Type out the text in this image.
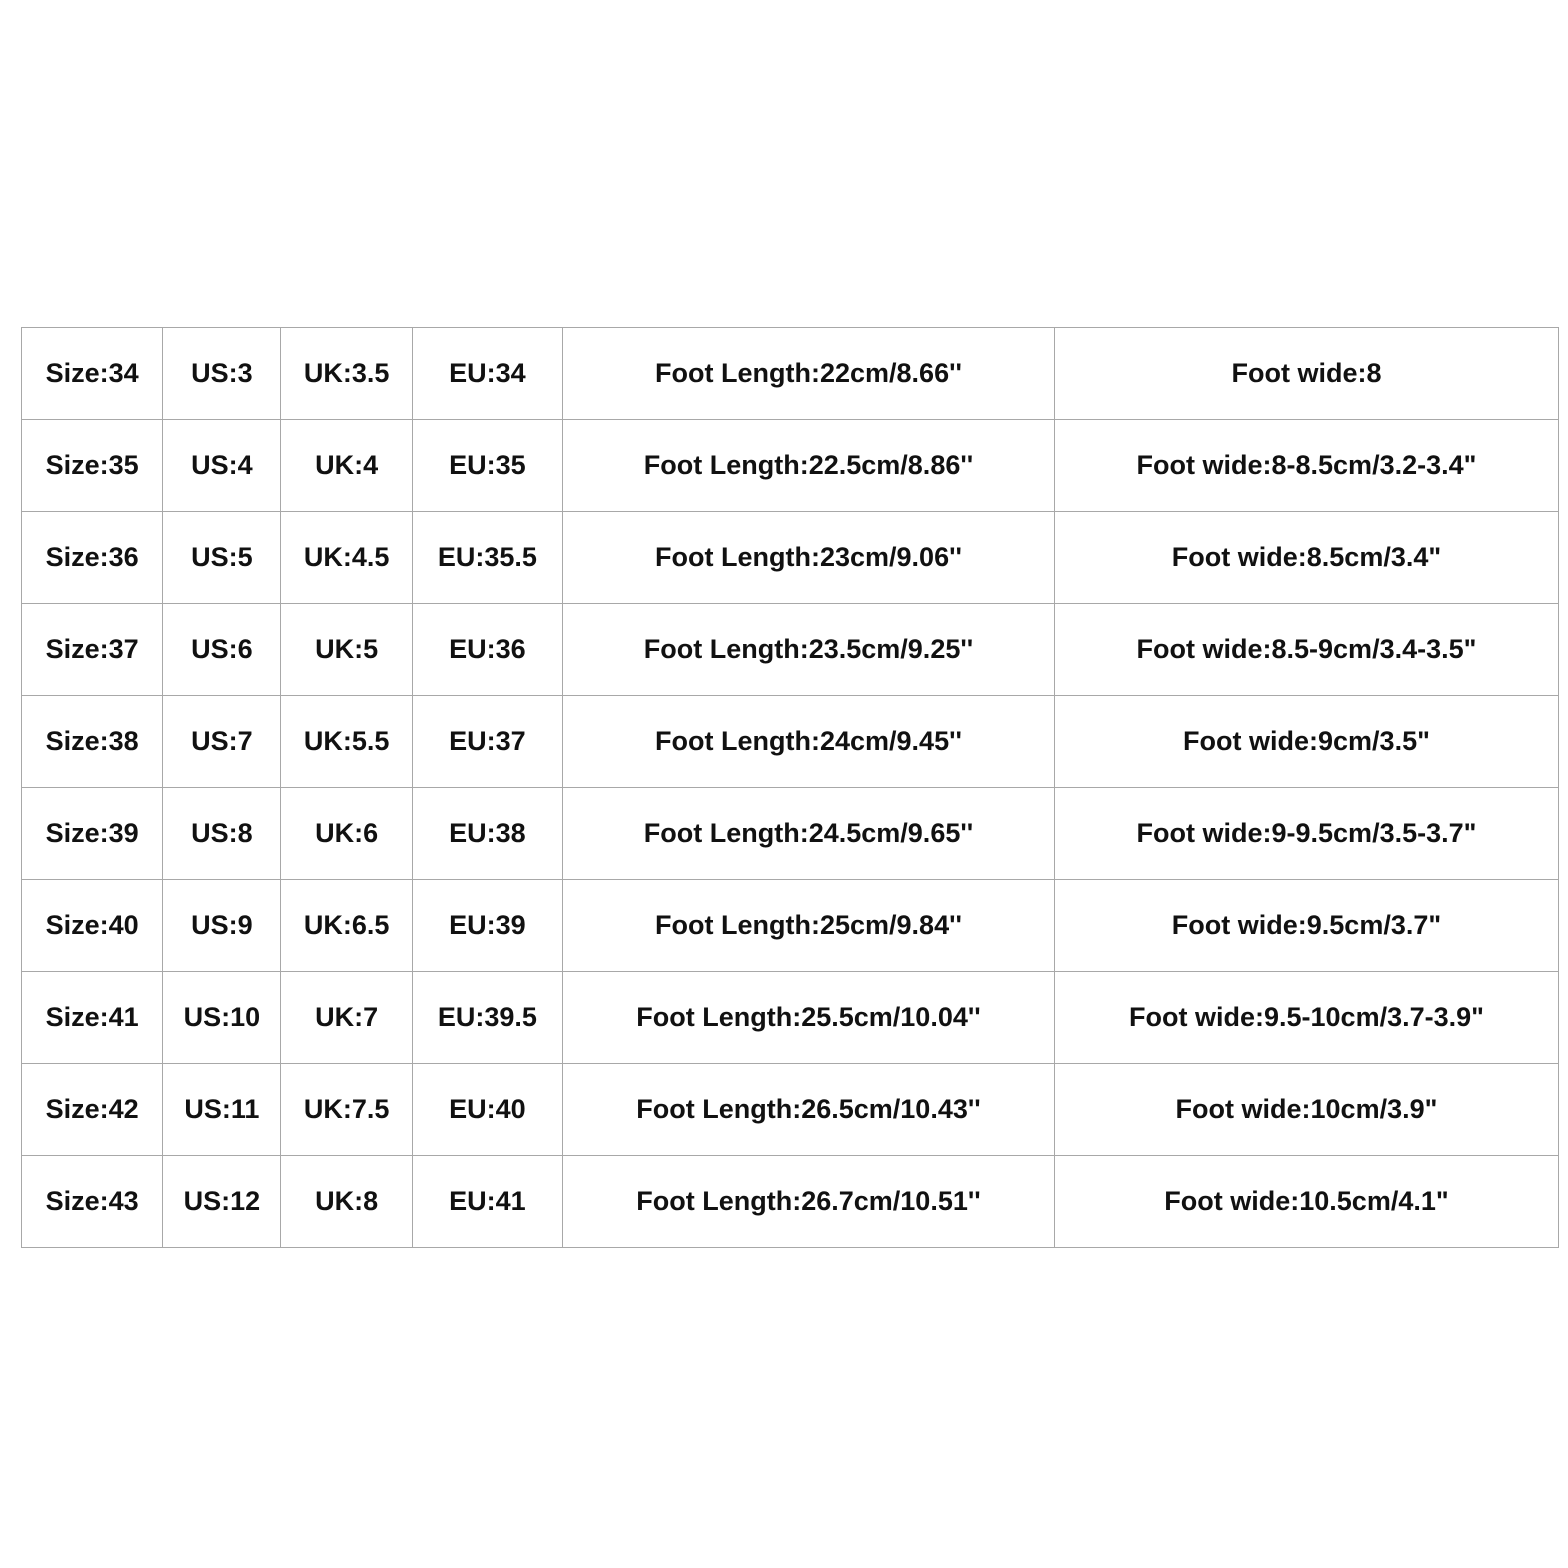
Size:34	US:3	UK:3.5	EU:34	Foot Length:22cm/8.66''	Foot wide:8
Size:35	US:4	UK:4	EU:35	Foot Length:22.5cm/8.86''	Foot wide:8-8.5cm/3.2-3.4"
Size:36	US:5	UK:4.5	EU:35.5	Foot Length:23cm/9.06''	Foot wide:8.5cm/3.4"
Size:37	US:6	UK:5	EU:36	Foot Length:23.5cm/9.25''	Foot wide:8.5-9cm/3.4-3.5"
Size:38	US:7	UK:5.5	EU:37	Foot Length:24cm/9.45''	Foot wide:9cm/3.5"
Size:39	US:8	UK:6	EU:38	Foot Length:24.5cm/9.65''	Foot wide:9-9.5cm/3.5-3.7"
Size:40	US:9	UK:6.5	EU:39	Foot Length:25cm/9.84''	Foot wide:9.5cm/3.7"
Size:41	US:10	UK:7	EU:39.5	Foot Length:25.5cm/10.04''	Foot wide:9.5-10cm/3.7-3.9"
Size:42	US:11	UK:7.5	EU:40	Foot Length:26.5cm/10.43''	Foot wide:10cm/3.9"
Size:43	US:12	UK:8	EU:41	Foot Length:26.7cm/10.51''	Foot wide:10.5cm/4.1"
